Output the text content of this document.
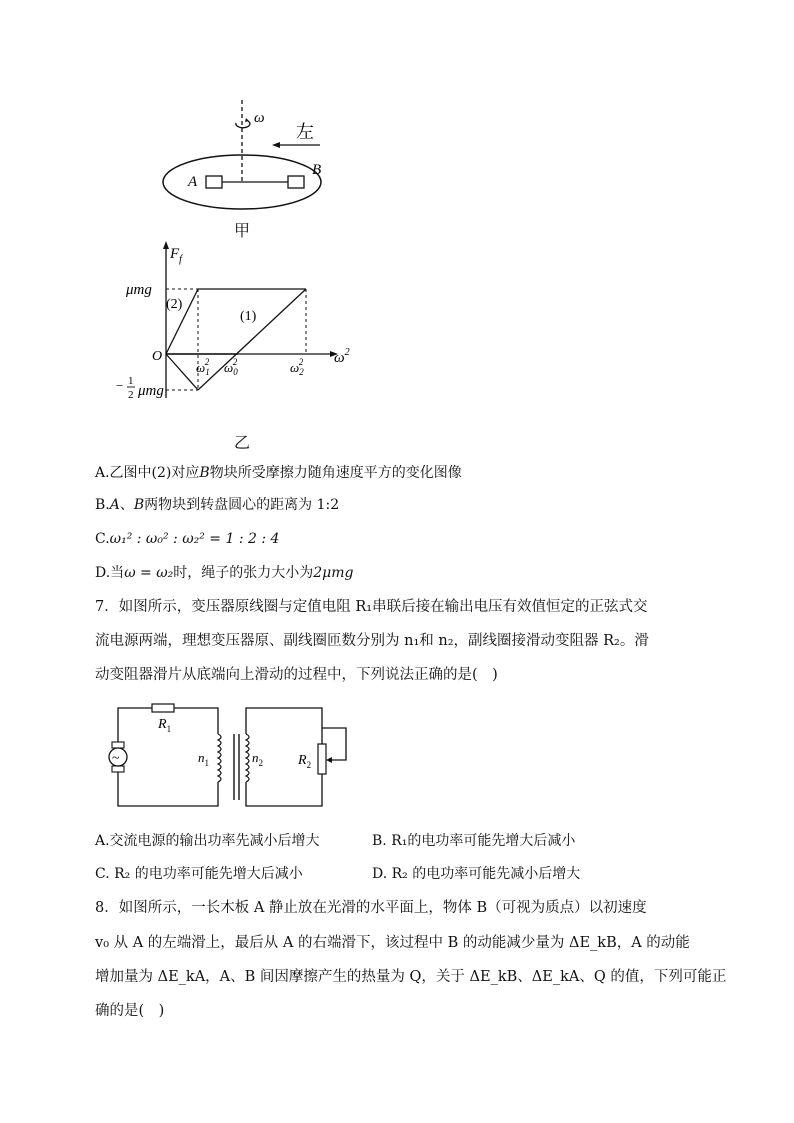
ω
左
A
B
甲
$F_f$
$\omega^2$
μmg
(2)
(1)
O
$\omega_12$ $\omega_02$	$\omega_22$
− 1
2 μmg
乙
A.乙图中(2)对应B物块所受摩擦力随角速度平方的变化图像
B.A、B两物块到转盘圆心的距离为 1:2
C.ω₁² : ω₀² : ω₂² = 1 : 2 : 4
D.当ω = ω₂时，绳子的张力大小为2μmg
7．如图所示，变压器原线圈与定值电阻 R₁串联后接在输出电压有效值恒定的正弦式交
流电源两端，理想变压器原、副线圈匝数分别为 n₁和 n₂，副线圈接滑动变阻器 R₂。滑
动变阻器滑片从底端向上滑动的过程中，下列说法正确的是(　)
$R_1$
~	$n_1$	$n_2$	$R_2$
A.交流电源的输出功率先减小后增大	B. R₁的电功率可能先增大后减小
C. R₂ 的电功率可能先增大后减小	D. R₂ 的电功率可能先减小后增大
8．如图所示，一长木板 A 静止放在光滑的水平面上，物体 B（可视为质点）以初速度
v₀ 从 A 的左端滑上，最后从 A 的右端滑下，该过程中 B 的动能减少量为 ΔE_kB，A 的动能
增加量为 ΔE_kA，A、B 间因摩擦产生的热量为 Q，关于 ΔE_kB、ΔE_kA、Q 的值，下列可能正
确的是(　)
